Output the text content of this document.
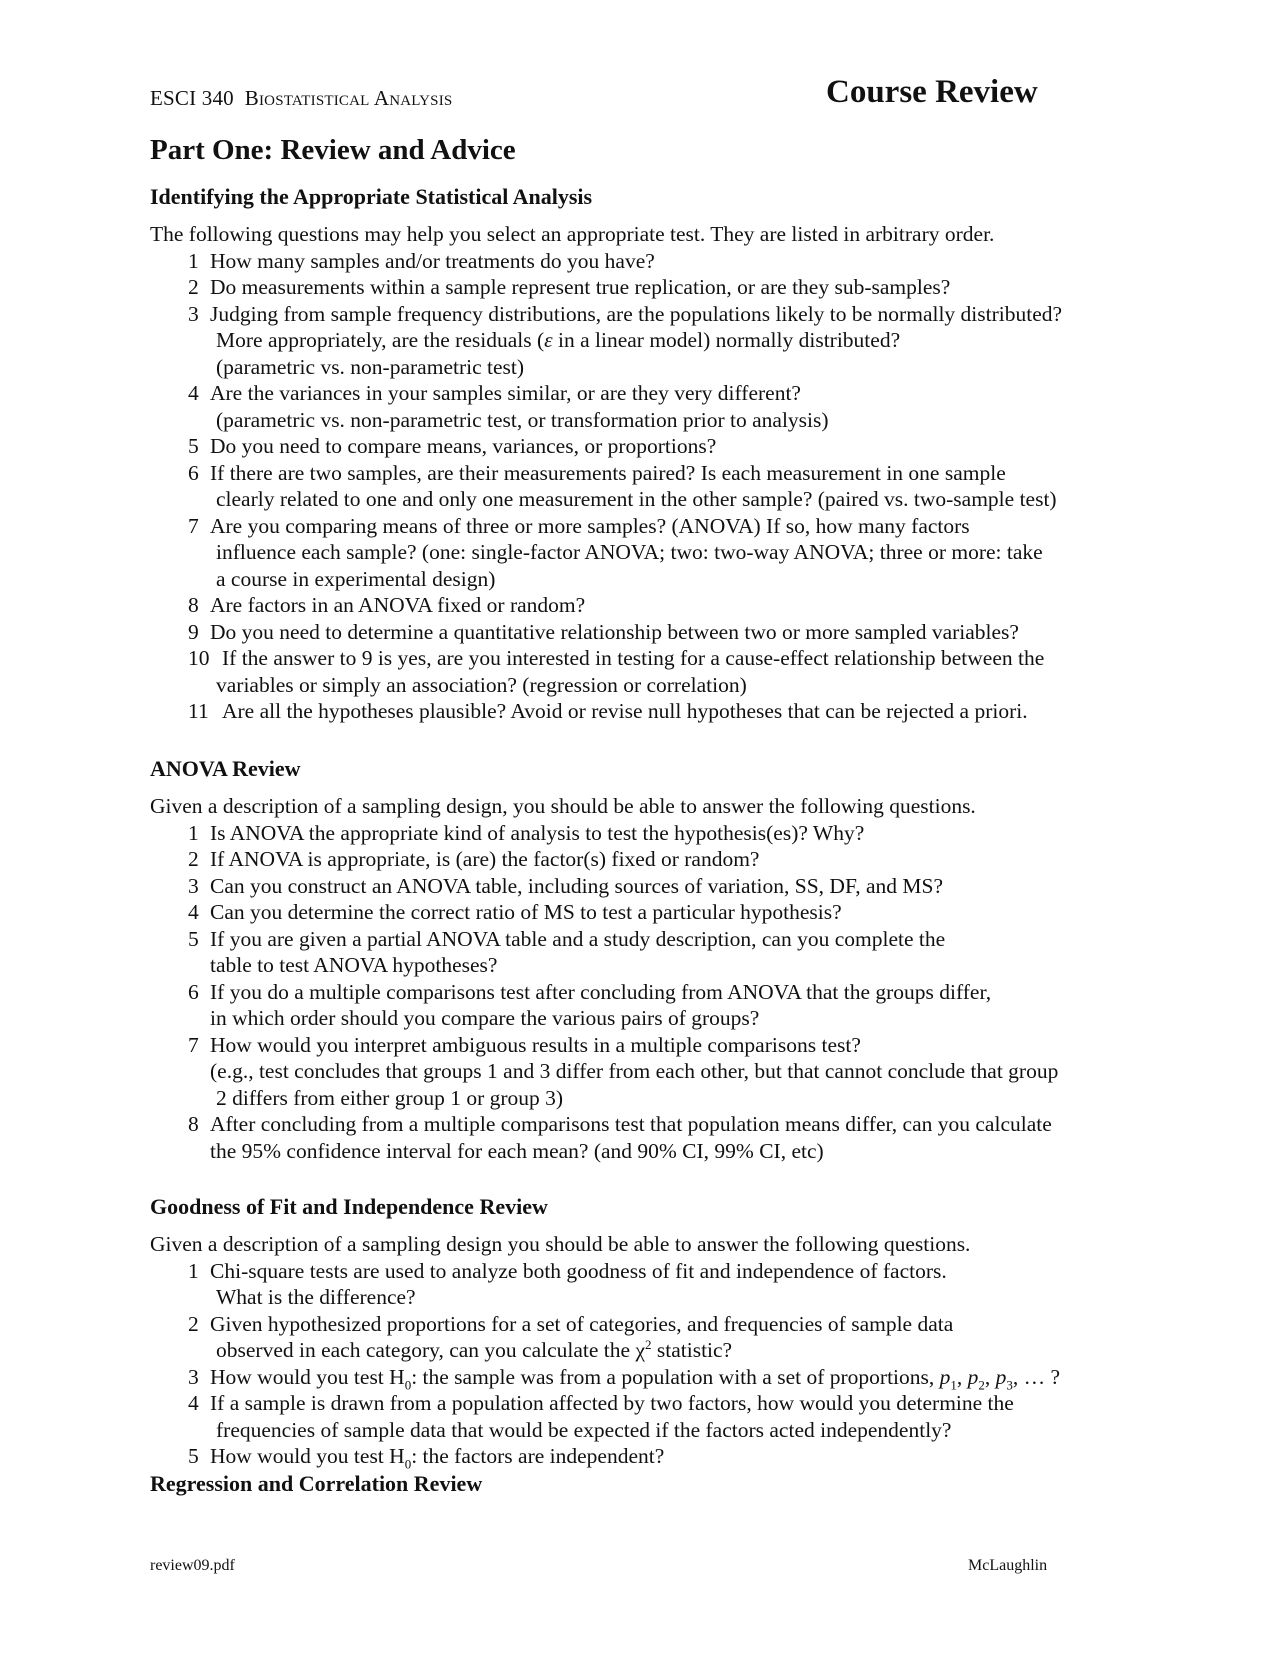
ESCI 340 Biostatistical Analysis	Course Review
Part One: Review and Advice
Identifying the Appropriate Statistical Analysis
The following questions may help you select an appropriate test. They are listed in arbitrary order.
1 How many samples and/or treatments do you have?
2 Do measurements within a sample represent true replication, or are they sub-samples?
3 Judging from sample frequency distributions, are the populations likely to be normally distributed?
More appropriately, are the residuals (ε in a linear model) normally distributed?
(parametric vs. non-parametric test)
4 Are the variances in your samples similar, or are they very different?
(parametric vs. non-parametric test, or transformation prior to analysis)
5 Do you need to compare means, variances, or proportions?
6 If there are two samples, are their measurements paired? Is each measurement in one sample
clearly related to one and only one measurement in the other sample? (paired vs. two-sample test)
7 Are you comparing means of three or more samples? (ANOVA) If so, how many factors
influence each sample? (one: single-factor ANOVA; two: two-way ANOVA; three or more: take
a course in experimental design)
8 Are factors in an ANOVA fixed or random?
9 Do you need to determine a quantitative relationship between two or more sampled variables?
10 If the answer to 9 is yes, are you interested in testing for a cause-effect relationship between the
variables or simply an association? (regression or correlation)
11 Are all the hypotheses plausible? Avoid or revise null hypotheses that can be rejected a priori.
ANOVA Review
Given a description of a sampling design, you should be able to answer the following questions.
1 Is ANOVA the appropriate kind of analysis to test the hypothesis(es)? Why?
2 If ANOVA is appropriate, is (are) the factor(s) fixed or random?
3 Can you construct an ANOVA table, including sources of variation, SS, DF, and MS?
4 Can you determine the correct ratio of MS to test a particular hypothesis?
5 If you are given a partial ANOVA table and a study description, can you complete the
table to test ANOVA hypotheses?
6 If you do a multiple comparisons test after concluding from ANOVA that the groups differ,
in which order should you compare the various pairs of groups?
7 How would you interpret ambiguous results in a multiple comparisons test?
(e.g., test concludes that groups 1 and 3 differ from each other, but that cannot conclude that group
2 differs from either group 1 or group 3)
8 After concluding from a multiple comparisons test that population means differ, can you calculate
the 95% confidence interval for each mean? (and 90% CI, 99% CI, etc)
Goodness of Fit and Independence Review
Given a description of a sampling design you should be able to answer the following questions.
1 Chi-square tests are used to analyze both goodness of fit and independence of factors.
What is the difference?
2 Given hypothesized proportions for a set of categories, and frequencies of sample data
observed in each category, can you calculate the $\chi^2$ statistic?
3 How would you test $H_0$: the sample was from a population with a set of proportions, $p_1$, $p_2$, $p_3$, … ?
4 If a sample is drawn from a population affected by two factors, how would you determine the
frequencies of sample data that would be expected if the factors acted independently?
5 How would you test $H_0$: the factors are independent?
Regression and Correlation Review
review09.pdf	McLaughlin
